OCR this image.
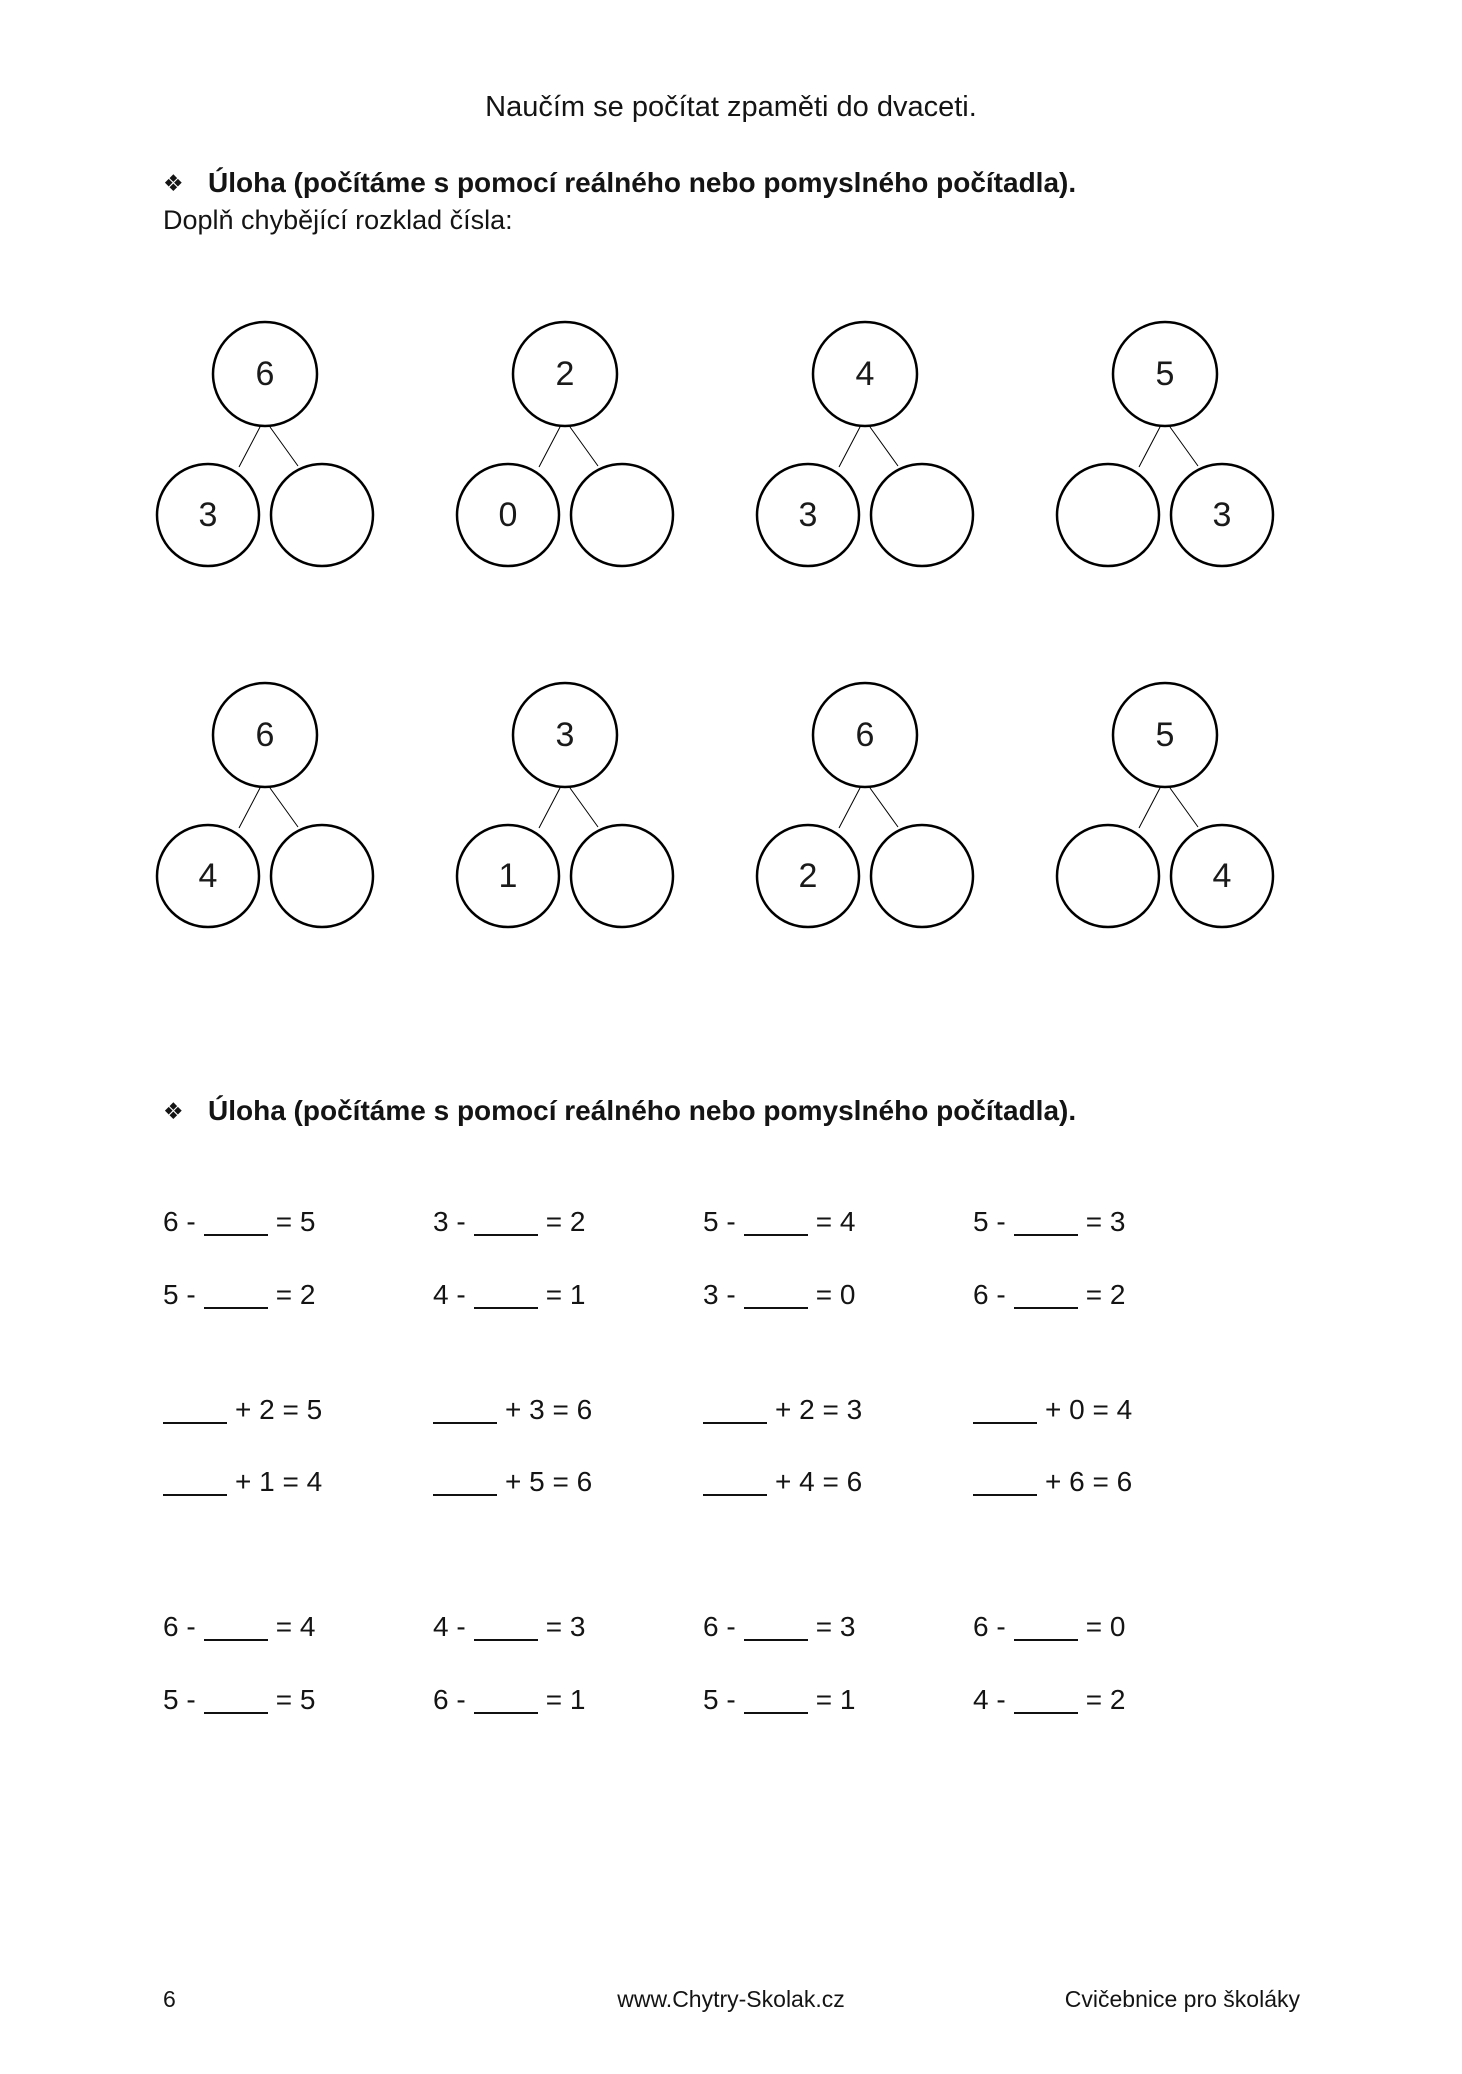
Naučím se počítat zpaměti do dvaceti.
❖ Úloha (počítáme s pomocí reálného nebo pomyslného počítadla).
Doplň chybějící rozklad čísla:
6
3
2
0
4
3
5
3
6
4
3
1
6
2
5
4
❖ Úloha (počítáme s pomocí reálného nebo pomyslného počítadla).
6 -	= 5	3 -	= 2	5 -	= 4	5 -	= 3
5 -	= 2	4 -	= 1	3 -	= 0	6 -	= 2
+ 2 = 5	+ 3 = 6	+ 2 = 3	+ 0 = 4
+ 1 = 4	+ 5 = 6	+ 4 = 6	+ 6 = 6
6 -	= 4	4 -	= 3	6 -	= 3	6 -	= 0
5 -	= 5	6 -	= 1	5 -	= 1	4 -	= 2
6	www.Chytry-Skolak.cz	Cvičebnice pro školáky
